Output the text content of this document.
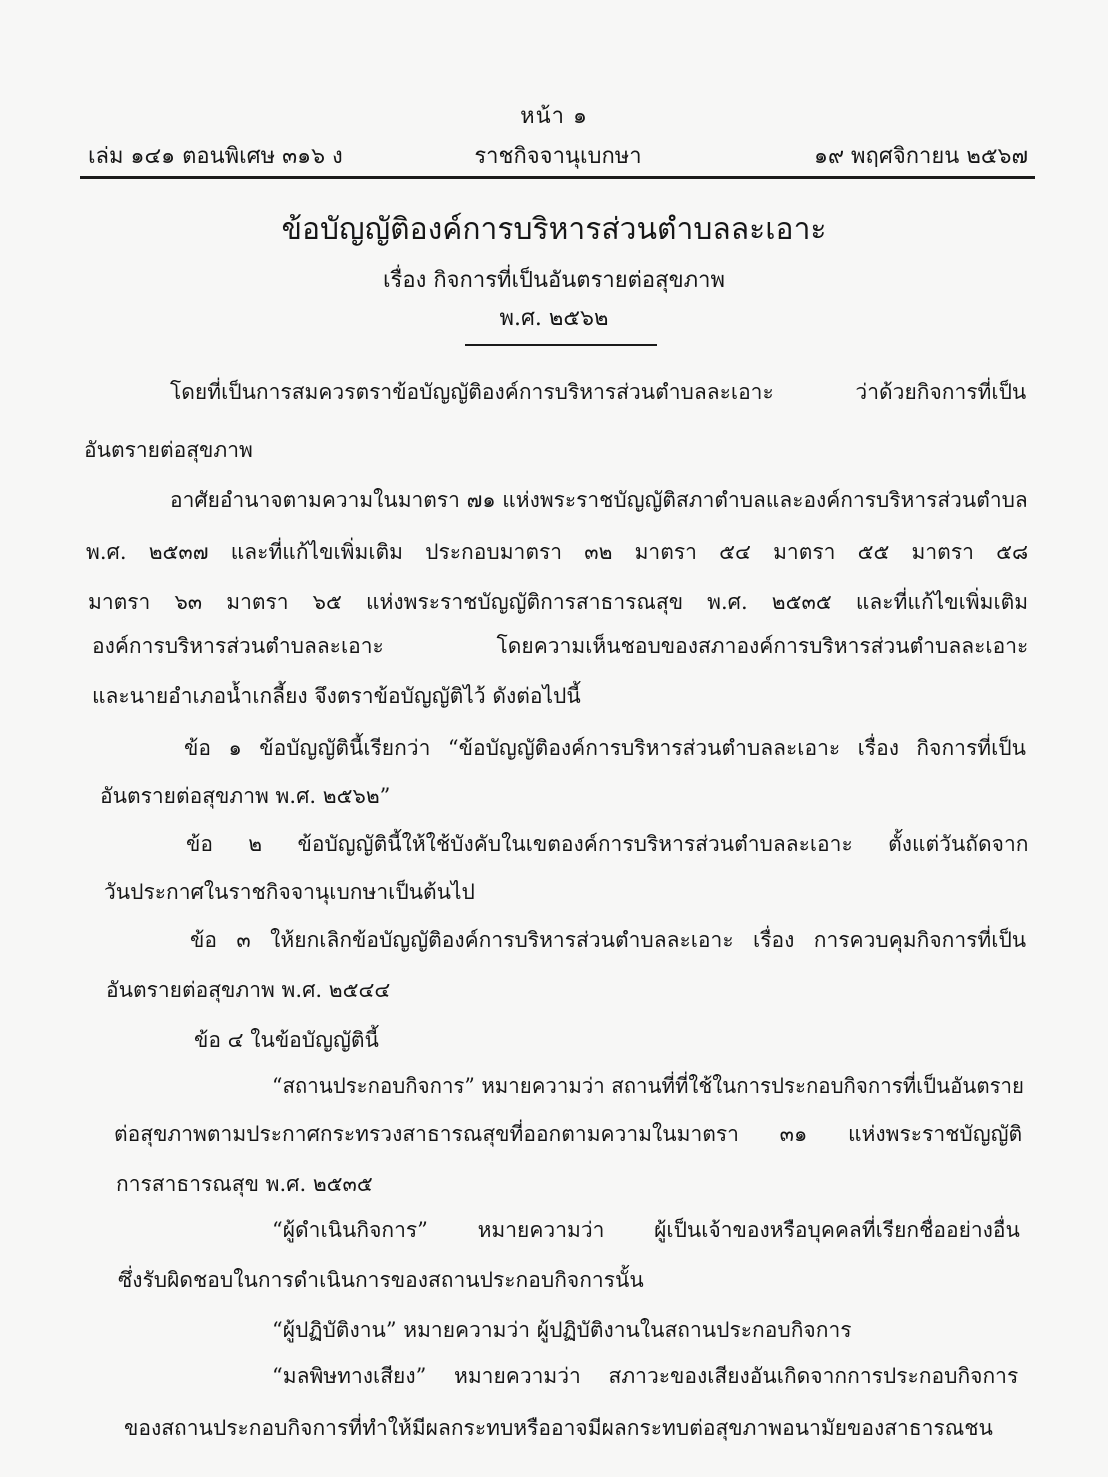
หน้า ๑
เล่ม ๑๔๑ ตอนพิเศษ ๓๑๖ ง	ราชกิจจานุเบกษา	๑๙ พฤศจิกายน ๒๕๖๗
ข้อบัญญัติองค์การบริหารส่วนตำบลละเอาะ
เรื่อง กิจการที่เป็นอันตรายต่อสุขภาพ
พ.ศ. ๒๕๖๒
โดยที่เป็นการสมควรตราข้อบัญญัติองค์การบริหารส่วนตำบลละเอาะ ว่าด้วยกิจการที่เป็น
อันตรายต่อสุขภาพ
อาศัยอำนาจตามความในมาตรา ๗๑ แห่งพระราชบัญญัติสภาตำบลและองค์การบริหารส่วนตำบล
พ.ศ. ๒๕๓๗ และที่แก้ไขเพิ่มเติม ประกอบมาตรา ๓๒ มาตรา ๕๔ มาตรา ๕๕ มาตรา ๕๘
มาตรา ๖๓ มาตรา ๖๕ แห่งพระราชบัญญัติการสาธารณสุข พ.ศ. ๒๕๓๕ และที่แก้ไขเพิ่มเติม
องค์การบริหารส่วนตำบลละเอาะ โดยความเห็นชอบของสภาองค์การบริหารส่วนตำบลละเอาะ
และนายอำเภอน้ำเกลี้ยง จึงตราข้อบัญญัติไว้ ดังต่อไปนี้
ข้อ ๑ ข้อบัญญัตินี้เรียกว่า “ข้อบัญญัติองค์การบริหารส่วนตำบลละเอาะ เรื่อง กิจการที่เป็น
อันตรายต่อสุขภาพ พ.ศ. ๒๕๖๒”
ข้อ ๒ ข้อบัญญัตินี้ให้ใช้บังคับในเขตองค์การบริหารส่วนตำบลละเอาะ ตั้งแต่วันถัดจาก
วันประกาศในราชกิจจานุเบกษาเป็นต้นไป
ข้อ ๓ ให้ยกเลิกข้อบัญญัติองค์การบริหารส่วนตำบลละเอาะ เรื่อง การควบคุมกิจการที่เป็น
อันตรายต่อสุขภาพ พ.ศ. ๒๕๔๔
ข้อ ๔ ในข้อบัญญัตินี้
“สถานประกอบกิจการ” หมายความว่า สถานที่ที่ใช้ในการประกอบกิจการที่เป็นอันตราย
ต่อสุขภาพตามประกาศกระทรวงสาธารณสุขที่ออกตามความในมาตรา ๓๑ แห่งพระราชบัญญัติ
การสาธารณสุข พ.ศ. ๒๕๓๕
“ผู้ดำเนินกิจการ” หมายความว่า ผู้เป็นเจ้าของหรือบุคคลที่เรียกชื่ออย่างอื่น
ซึ่งรับผิดชอบในการดำเนินการของสถานประกอบกิจการนั้น
“ผู้ปฏิบัติงาน” หมายความว่า ผู้ปฏิบัติงานในสถานประกอบกิจการ
“มลพิษทางเสียง” หมายความว่า สภาวะของเสียงอันเกิดจากการประกอบกิจการ
ของสถานประกอบกิจการที่ทำให้มีผลกระทบหรืออาจมีผลกระทบต่อสุขภาพอนามัยของสาธารณชน
